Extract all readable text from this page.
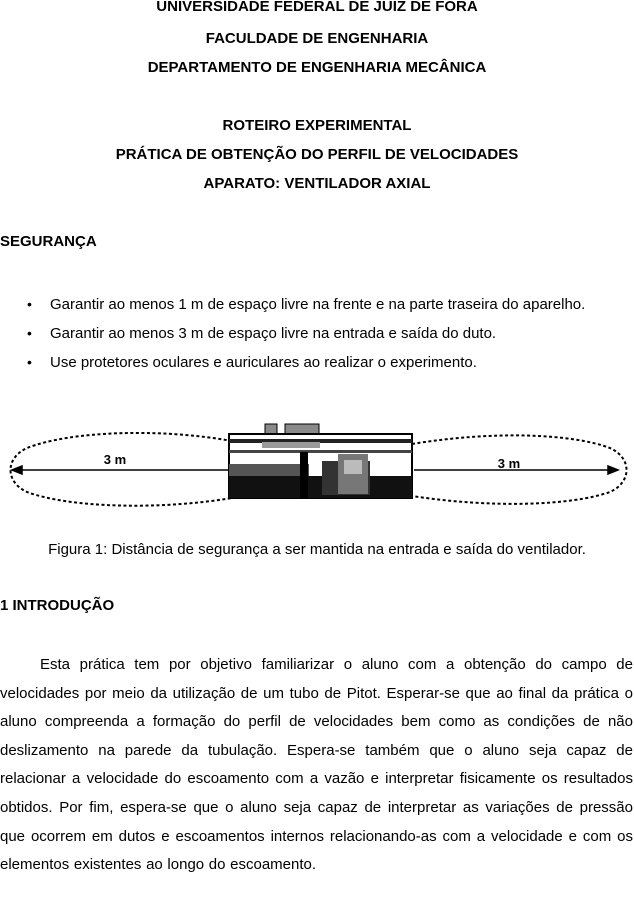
UNIVERSIDADE FEDERAL DE JUIZ DE FORA
FACULDADE DE ENGENHARIA
DEPARTAMENTO DE ENGENHARIA MECÂNICA
ROTEIRO EXPERIMENTAL
PRÁTICA DE OBTENÇÃO DO PERFIL DE VELOCIDADES
APARATO: VENTILADOR AXIAL
SEGURANÇA
• Garantir ao menos 1 m de espaço livre na frente e na parte traseira do aparelho.
• Garantir ao menos 3 m de espaço livre na entrada e saída do duto.
• Use protetores oculares e auriculares ao realizar o experimento.
3 m	3 m
Figura 1: Distância de segurança a ser mantida na entrada e saída do ventilador.
1 INTRODUÇÃO

Esta prática tem por objetivo familiarizar o aluno com a obtenção do campo de velocidades por meio da utilização de um tubo de Pitot. Esperar-se que ao final da prática o aluno compreenda a formação do perfil de velocidades bem como as condições de não deslizamento na parede da tubulação. Espera-se também que o aluno seja capaz de relacionar a velocidade do escoamento com a vazão e interpretar fisicamente os resultados obtidos. Por fim, espera-se que o aluno seja capaz de interpretar as variações de pressão que ocorrem em dutos e escoamentos internos relacionando-as com a velocidade e com os elementos existentes ao longo do escoamento.
